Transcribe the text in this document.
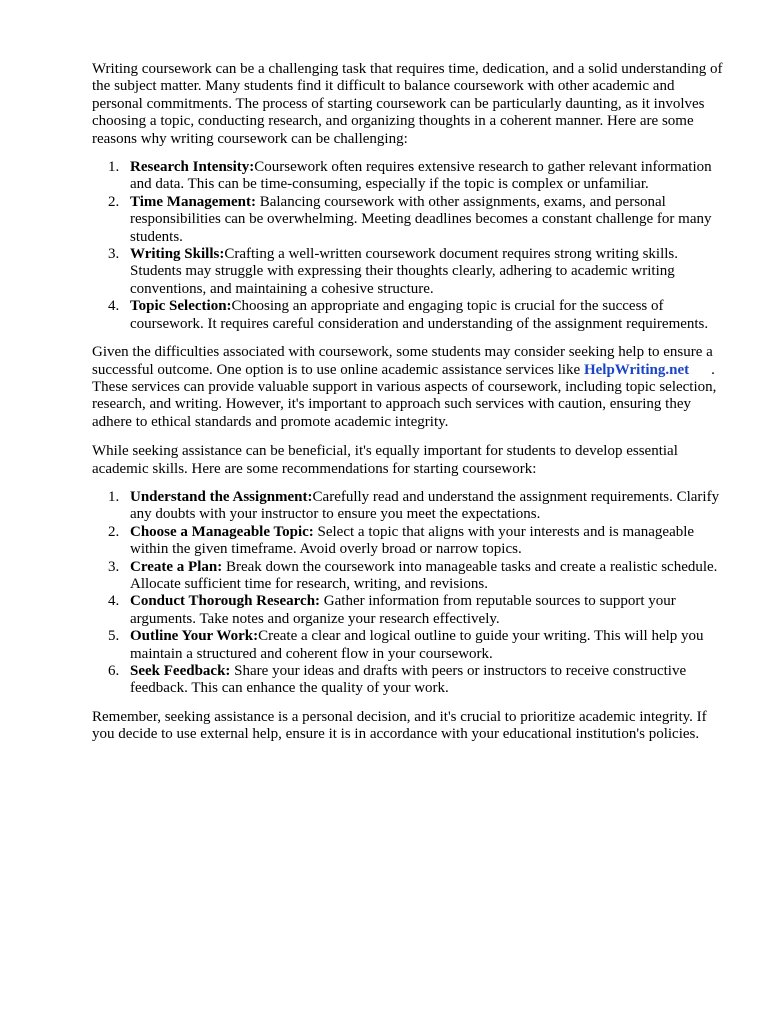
Writing coursework can be a challenging task that requires time, dedication, and a solid understanding of the subject matter. Many students find it difficult to balance coursework with other academic and personal commitments. The process of starting coursework can be particularly daunting, as it involves choosing a topic, conducting research, and organizing thoughts in a coherent manner. Here are some reasons why writing coursework can be challenging:

1. Research Intensity:Coursework often requires extensive research to gather relevant information and data. This can be time-consuming, especially if the topic is complex or unfamiliar.
2. Time Management: Balancing coursework with other assignments, exams, and personal responsibilities can be overwhelming. Meeting deadlines becomes a constant challenge for many students.
3. Writing Skills:Crafting a well-written coursework document requires strong writing skills. Students may struggle with expressing their thoughts clearly, adhering to academic writing conventions, and maintaining a cohesive structure.
4. Topic Selection:Choosing an appropriate and engaging topic is crucial for the success of coursework. It requires careful consideration and understanding of the assignment requirements.

Given the difficulties associated with coursework, some students may consider seeking help to ensure a successful outcome. One option is to use online academic assistance services like HelpWriting.net . These services can provide valuable support in various aspects of coursework, including topic selection, research, and writing. However, it's important to approach such services with caution, ensuring they adhere to ethical standards and promote academic integrity.

While seeking assistance can be beneficial, it's equally important for students to develop essential academic skills. Here are some recommendations for starting coursework:

1. Understand the Assignment:Carefully read and understand the assignment requirements. Clarify any doubts with your instructor to ensure you meet the expectations.
2. Choose a Manageable Topic: Select a topic that aligns with your interests and is manageable within the given timeframe. Avoid overly broad or narrow topics.
3. Create a Plan: Break down the coursework into manageable tasks and create a realistic schedule. Allocate sufficient time for research, writing, and revisions.
4. Conduct Thorough Research: Gather information from reputable sources to support your arguments. Take notes and organize your research effectively.
5. Outline Your Work:Create a clear and logical outline to guide your writing. This will help you maintain a structured and coherent flow in your coursework.
6. Seek Feedback: Share your ideas and drafts with peers or instructors to receive constructive feedback. This can enhance the quality of your work.

Remember, seeking assistance is a personal decision, and it's crucial to prioritize academic integrity. If you decide to use external help, ensure it is in accordance with your educational institution's policies.
